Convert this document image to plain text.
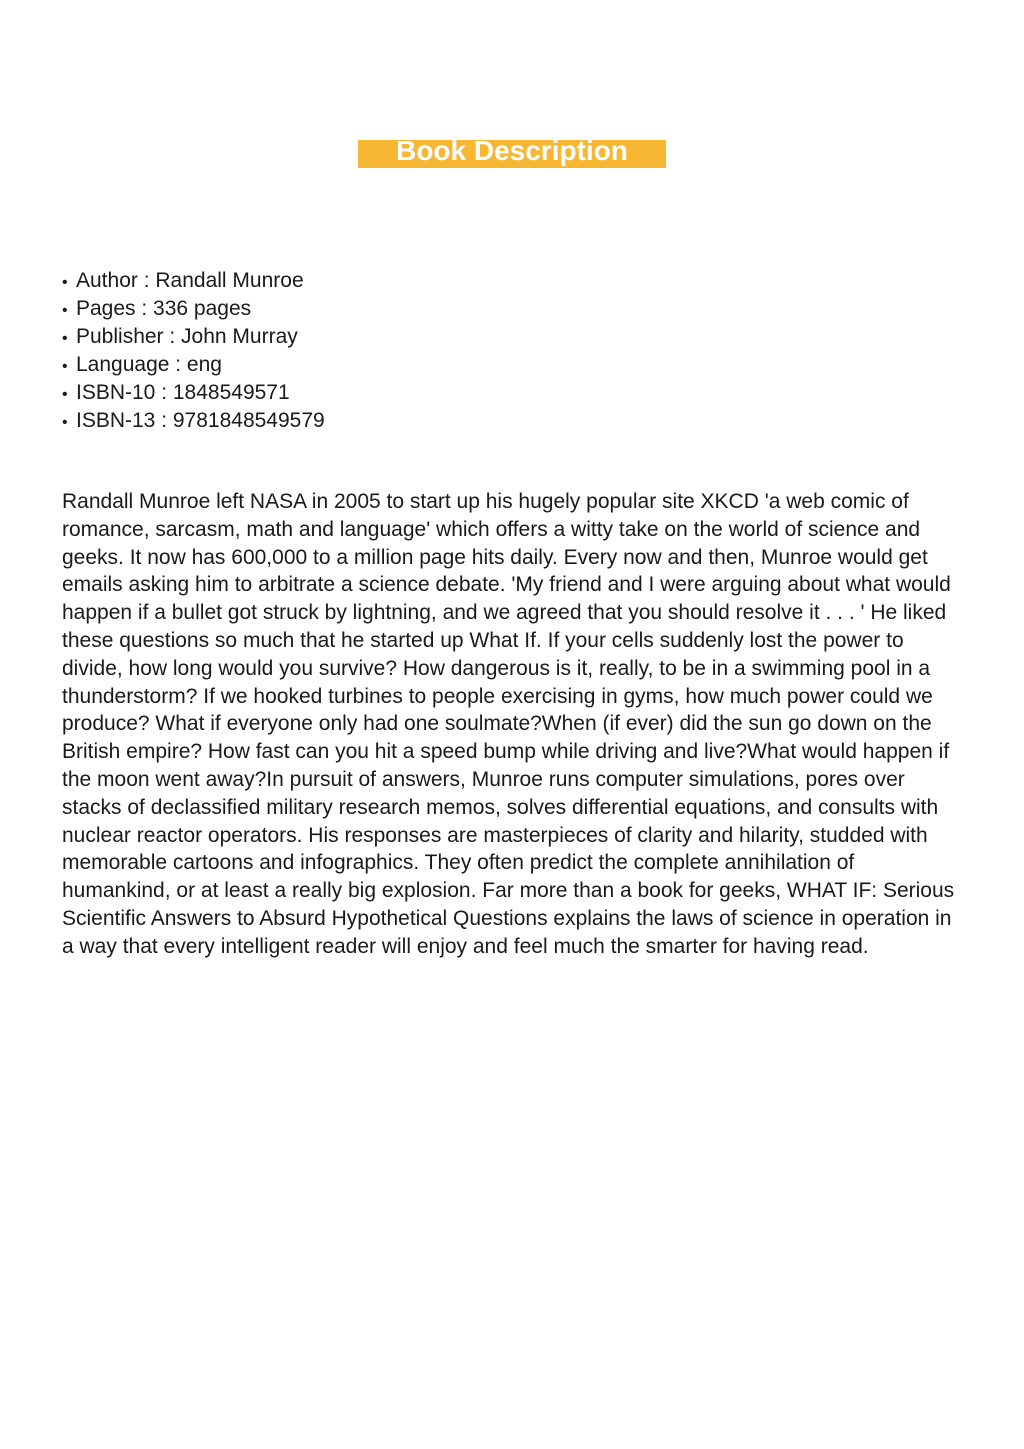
Book Description
• Author : Randall Munroe
• Pages : 336 pages
• Publisher : John Murray
• Language : eng
• ISBN-10 : 1848549571
• ISBN-13 : 9781848549579

Randall Munroe left NASA in 2005 to start up his hugely popular site XKCD 'a web comic of romance, sarcasm, math and language' which offers a witty take on the world of science and geeks. It now has 600,000 to a million page hits daily. Every now and then, Munroe would get emails asking him to arbitrate a science debate. 'My friend and I were arguing about what would happen if a bullet got struck by lightning, and we agreed that you should resolve it . . . ' He liked these questions so much that he started up What If. If your cells suddenly lost the power to divide, how long would you survive? How dangerous is it, really, to be in a swimming pool in a thunderstorm? If we hooked turbines to people exercising in gyms, how much power could we produce? What if everyone only had one soulmate?When (if ever) did the sun go down on the British empire? How fast can you hit a speed bump while driving and live?What would happen if the moon went away?In pursuit of answers, Munroe runs computer simulations, pores over stacks of declassified military research memos, solves differential equations, and consults with nuclear reactor operators. His responses are masterpieces of clarity and hilarity, studded with memorable cartoons and infographics. They often predict the complete annihilation of humankind, or at least a really big explosion. Far more than a book for geeks, WHAT IF: Serious Scientific Answers to Absurd Hypothetical Questions explains the laws of science in operation in a way that every intelligent reader will enjoy and feel much the smarter for having read.
